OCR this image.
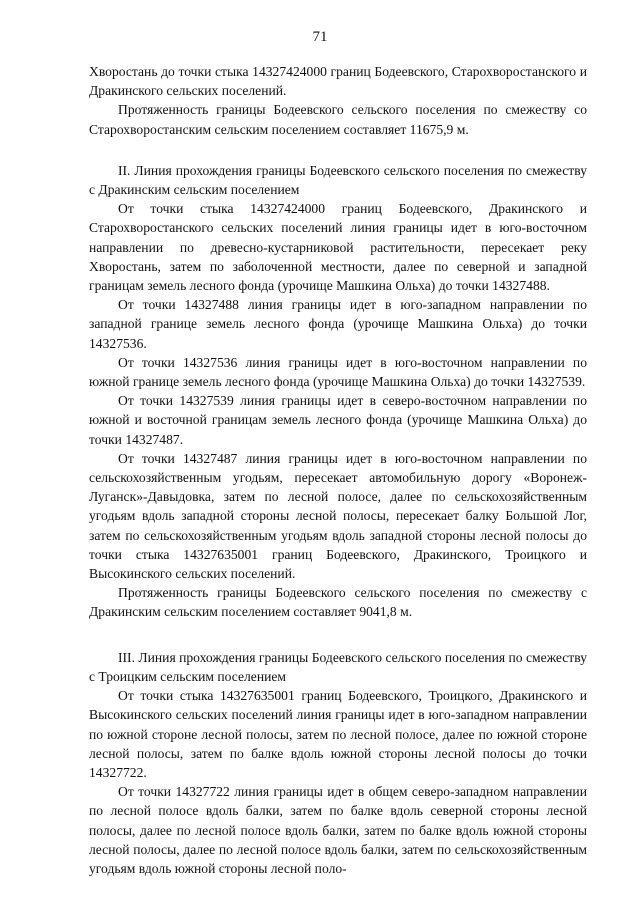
71

Хворостань до точки стыка 14327424000 границ Бодеевского, Старохворостанского и Дракинского сельских поселений.

Протяженность границы Бодеевского сельского поселения по смежеству со Старохворостанским сельским поселением составляет 11675,9 м.

II. Линия прохождения границы Бодеевского сельского поселения по смежеству с Дракинским сельским поселением

От точки стыка 14327424000 границ Бодеевского, Дракинского и Старохворостанского сельских поселений линия границы идет в юго-восточном направлении по древесно-кустарниковой растительности, пересекает реку Хворостань, затем по заболоченной местности, далее по северной и западной границам земель лесного фонда (урочище Машкина Ольха) до точки 14327488.

От точки 14327488 линия границы идет в юго-западном направлении по западной границе земель лесного фонда (урочище Машкина Ольха) до точки 14327536.

От точки 14327536 линия границы идет в юго-восточном направлении по южной границе земель лесного фонда (урочище Машкина Ольха) до точки 14327539.

От точки 14327539 линия границы идет в северо-восточном направлении по южной и восточной границам земель лесного фонда (урочище Машкина Ольха) до точки 14327487.

От точки 14327487 линия границы идет в юго-восточном направлении по сельскохозяйственным угодьям, пересекает автомобильную дорогу «Воронеж-Луганск»-Давыдовка, затем по лесной полосе, далее по сельскохозяйственным угодьям вдоль западной стороны лесной полосы, пересекает балку Большой Лог, затем по сельскохозяйственным угодьям вдоль западной стороны лесной полосы до точки стыка 14327635001 границ Бодеевского, Дракинского, Троицкого и Высокинского сельских поселений.

Протяженность границы Бодеевского сельского поселения по смежеству с Дракинским сельским поселением составляет 9041,8 м.

III. Линия прохождения границы Бодеевского сельского поселения по смежеству с Троицким сельским поселением

От точки стыка 14327635001 границ Бодеевского, Троицкого, Дракинского и Высокинского сельских поселений линия границы идет в юго-западном направлении по южной стороне лесной полосы, затем по лесной полосе, далее по южной стороне лесной полосы, затем по балке вдоль южной стороны лесной полосы до точки 14327722.

От точки 14327722 линия границы идет в общем северо-западном направлении по лесной полосе вдоль балки, затем по балке вдоль северной стороны лесной полосы, далее по лесной полосе вдоль балки, затем по балке вдоль южной стороны лесной полосы, далее по лесной полосе вдоль балки, затем по сельскохозяйственным угодьям вдоль южной стороны лесной поло-
